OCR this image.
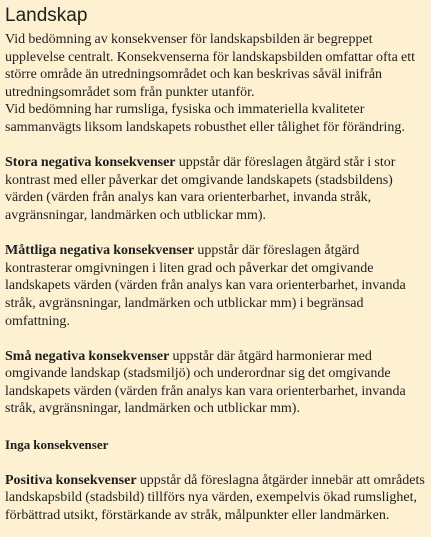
Landskap

Vid bedömning av konsekvenser för landskapsbilden är begreppet upplevelse centralt. Konsekvenserna för landskapsbilden omfattar ofta ett större område än utredningsområdet och kan beskrivas såväl inifrån utredningsområdet som från punkter utanför.

Vid bedömning har rumsliga, fysiska och immateriella kvaliteter sammanvägts liksom landskapets robusthet eller tålighet för förändring.

Stora negativa konsekvenser uppstår där föreslagen åtgärd står i stor kontrast med eller påverkar det omgivande landskapets (stadsbildens) värden (värden från analys kan vara orienterbarhet, invanda stråk, avgränsningar, landmärken och utblickar mm).

Måttliga negativa konsekvenser uppstår där föreslagen åtgärd kontrasterar omgivningen i liten grad och påverkar det omgivande landskapets värden (värden från analys kan vara orienterbarhet, invanda stråk, avgränsningar, landmärken och utblickar mm) i begränsad omfattning.

Små negativa konsekvenser uppstår där åtgärd harmonierar med omgivande landskap (stadsmiljö) och underordnar sig det omgivande landskapets värden (värden från analys kan vara orienterbarhet, invanda stråk, avgränsningar, landmärken och utblickar mm).

Inga konsekvenser

Positiva konsekvenser uppstår då föreslagna åtgärder innebär att områdets landskapsbild (stadsbild) tillförs nya värden, exempelvis ökad rumslighet, förbättrad utsikt, förstärkande av stråk, målpunkter eller landmärken.
